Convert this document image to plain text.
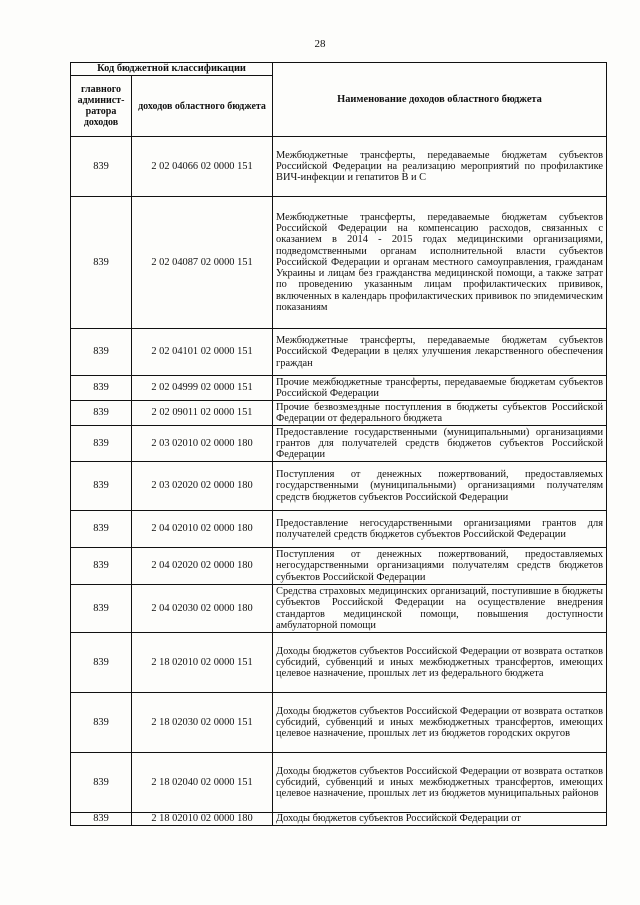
28
Код бюджетной классификации		Наименование доходов областного бюджета
главного админист-ратора доходов	доходов областного бюджета	
839	2 02 04066 02 0000 151	Межбюджетные трансферты, передаваемые бюджетам субъектов Российской Федерации на реализацию мероприятий по профилактике ВИЧ-инфекции и гепатитов B и C
839	2 02 04087 02 0000 151	Межбюджетные трансферты, передаваемые бюджетам субъектов Российской Федерации на компенсацию расходов, связанных с оказанием в 2014 - 2015 годах медицинскими организациями, подведомственными органам исполнительной власти субъектов Российской Федерации и органам местного самоуправления, гражданам Украины и лицам без гражданства медицинской помощи, а также затрат по проведению указанным лицам профилактических прививок, включенных в календарь профилактических прививок по эпидемическим показаниям
839	2 02 04101 02 0000 151	Межбюджетные трансферты, передаваемые бюджетам субъектов Российской Федерации в целях улучшения лекарственного обеспечения граждан
839	2 02 04999 02 0000 151	Прочие межбюджетные трансферты, передаваемые бюджетам субъектов Российской Федерации
839	2 02 09011 02 0000 151	Прочие безвозмездные поступления в бюджеты субъектов Российской Федерации от федерального бюджета
839	2 03 02010 02 0000 180	Предоставление государственными (муниципальными) организациями грантов для получателей средств бюджетов субъектов Российской Федерации
839	2 03 02020 02 0000 180	Поступления от денежных пожертвований, предоставляемых государственными (муниципальными) организациями получателям средств бюджетов субъектов Российской Федерации
839	2 04 02010 02 0000 180	Предоставление негосударственными организациями грантов для получателей средств бюджетов субъектов Российской Федерации
839	2 04 02020 02 0000 180	Поступления от денежных пожертвований, предоставляемых негосударственными организациями получателям средств бюджетов субъектов Российской Федерации
839	2 04 02030 02 0000 180	Средства страховых медицинских организаций, поступившие в бюджеты субъектов Российской Федерации на осуществление внедрения стандартов медицинской помощи, повышения доступности амбулаторной помощи
839	2 18 02010 02 0000 151	Доходы бюджетов субъектов Российской Федерации от возврата остатков субсидий, субвенций и иных межбюджетных трансфертов, имеющих целевое назначение, прошлых лет из федерального бюджета
839	2 18 02030 02 0000 151	Доходы бюджетов субъектов Российской Федерации от возврата остатков субсидий, субвенций и иных межбюджетных трансфертов, имеющих целевое назначение, прошлых лет из бюджетов городских округов
839	2 18 02040 02 0000 151	Доходы бюджетов субъектов Российской Федерации от возврата остатков субсидий, субвенций и иных межбюджетных трансфертов, имеющих целевое назначение, прошлых лет из бюджетов муниципальных районов
839	2 18 02010 02 0000 180	Доходы бюджетов субъектов Российской Федерации от
